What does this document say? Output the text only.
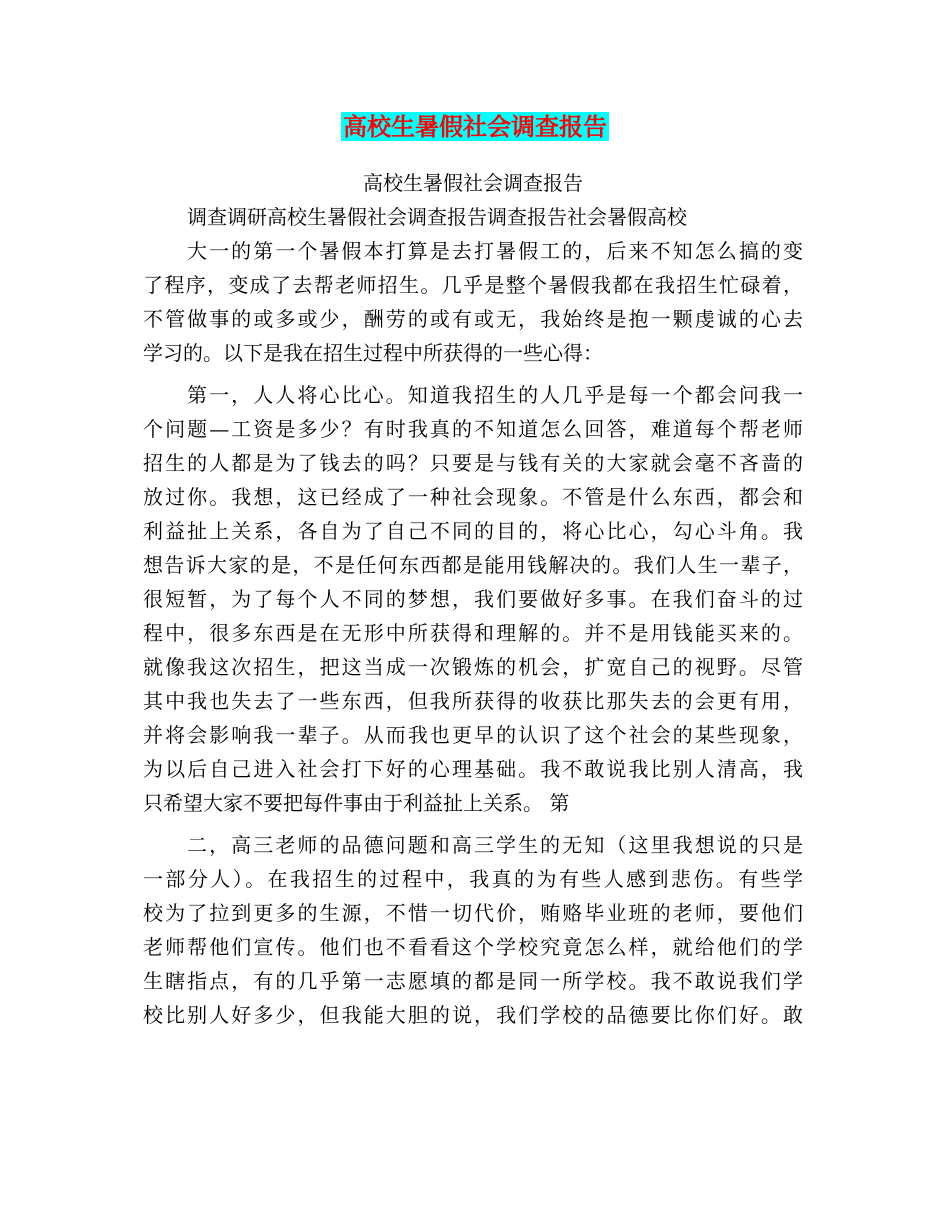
高校生暑假社会调查报告
高校生暑假社会调查报告
调查调研高校生暑假社会调查报告调查报告社会暑假高校
大一的第一个暑假本打算是去打暑假工的，后来不知怎么搞的变
了程序，变成了去帮老师招生。几乎是整个暑假我都在我招生忙碌着，
不管做事的或多或少，酬劳的或有或无，我始终是抱一颗虔诚的心去
学习的。以下是我在招生过程中所获得的一些心得：
第一，人人将心比心。知道我招生的人几乎是每一个都会问我一
个问题—工资是多少？有时我真的不知道怎么回答，难道每个帮老师
招生的人都是为了钱去的吗？只要是与钱有关的大家就会毫不吝啬的
放过你。我想，这已经成了一种社会现象。不管是什么东西，都会和
利益扯上关系，各自为了自己不同的目的，将心比心，勾心斗角。我
想告诉大家的是，不是任何东西都是能用钱解决的。我们人生一辈子，
很短暂，为了每个人不同的梦想，我们要做好多事。在我们奋斗的过
程中，很多东西是在无形中所获得和理解的。并不是用钱能买来的。
就像我这次招生，把这当成一次锻炼的机会，扩宽自己的视野。尽管
其中我也失去了一些东西，但我所获得的收获比那失去的会更有用，
并将会影响我一辈子。从而我也更早的认识了这个社会的某些现象，
为以后自己进入社会打下好的心理基础。我不敢说我比别人清高，我
只希望大家不要把每件事由于利益扯上关系。 第
二，高三老师的品德问题和高三学生的无知（这里我想说的只是
一部分人）。在我招生的过程中，我真的为有些人感到悲伤。有些学
校为了拉到更多的生源，不惜一切代价，贿赂毕业班的老师，要他们
老师帮他们宣传。他们也不看看这个学校究竟怎么样，就给他们的学
生瞎指点，有的几乎第一志愿填的都是同一所学校。我不敢说我们学
校比别人好多少，但我能大胆的说，我们学校的品德要比你们好。敢
